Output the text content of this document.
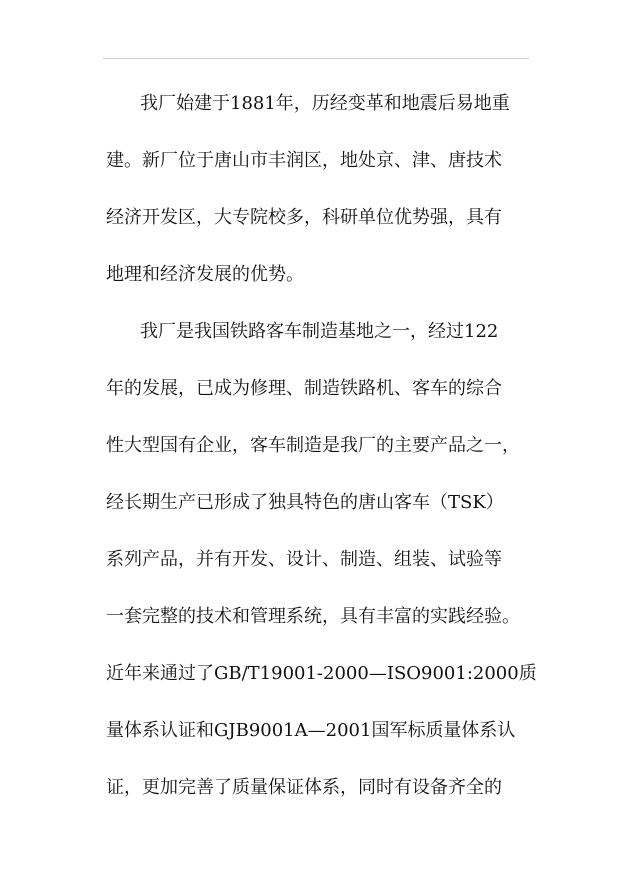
我厂始建于1881年，历经变革和地震后易地重
建。新厂位于唐山市丰润区，地处京、津、唐技术
经济开发区，大专院校多，科研单位优势强，具有
地理和经济发展的优势。
我厂是我国铁路客车制造基地之一，经过122
年的发展，已成为修理、制造铁路机、客车的综合
性大型国有企业，客车制造是我厂的主要产品之一，
经长期生产已形成了独具特色的唐山客车（TSK）
系列产品，并有开发、设计、制造、组装、试验等
一套完整的技术和管理系统，具有丰富的实践经验。
近年来通过了GB/T19001-2000—ISO9001:2000质
量体系认证和GJB9001A—2001国军标质量体系认
证，更加完善了质量保证体系，同时有设备齐全的
